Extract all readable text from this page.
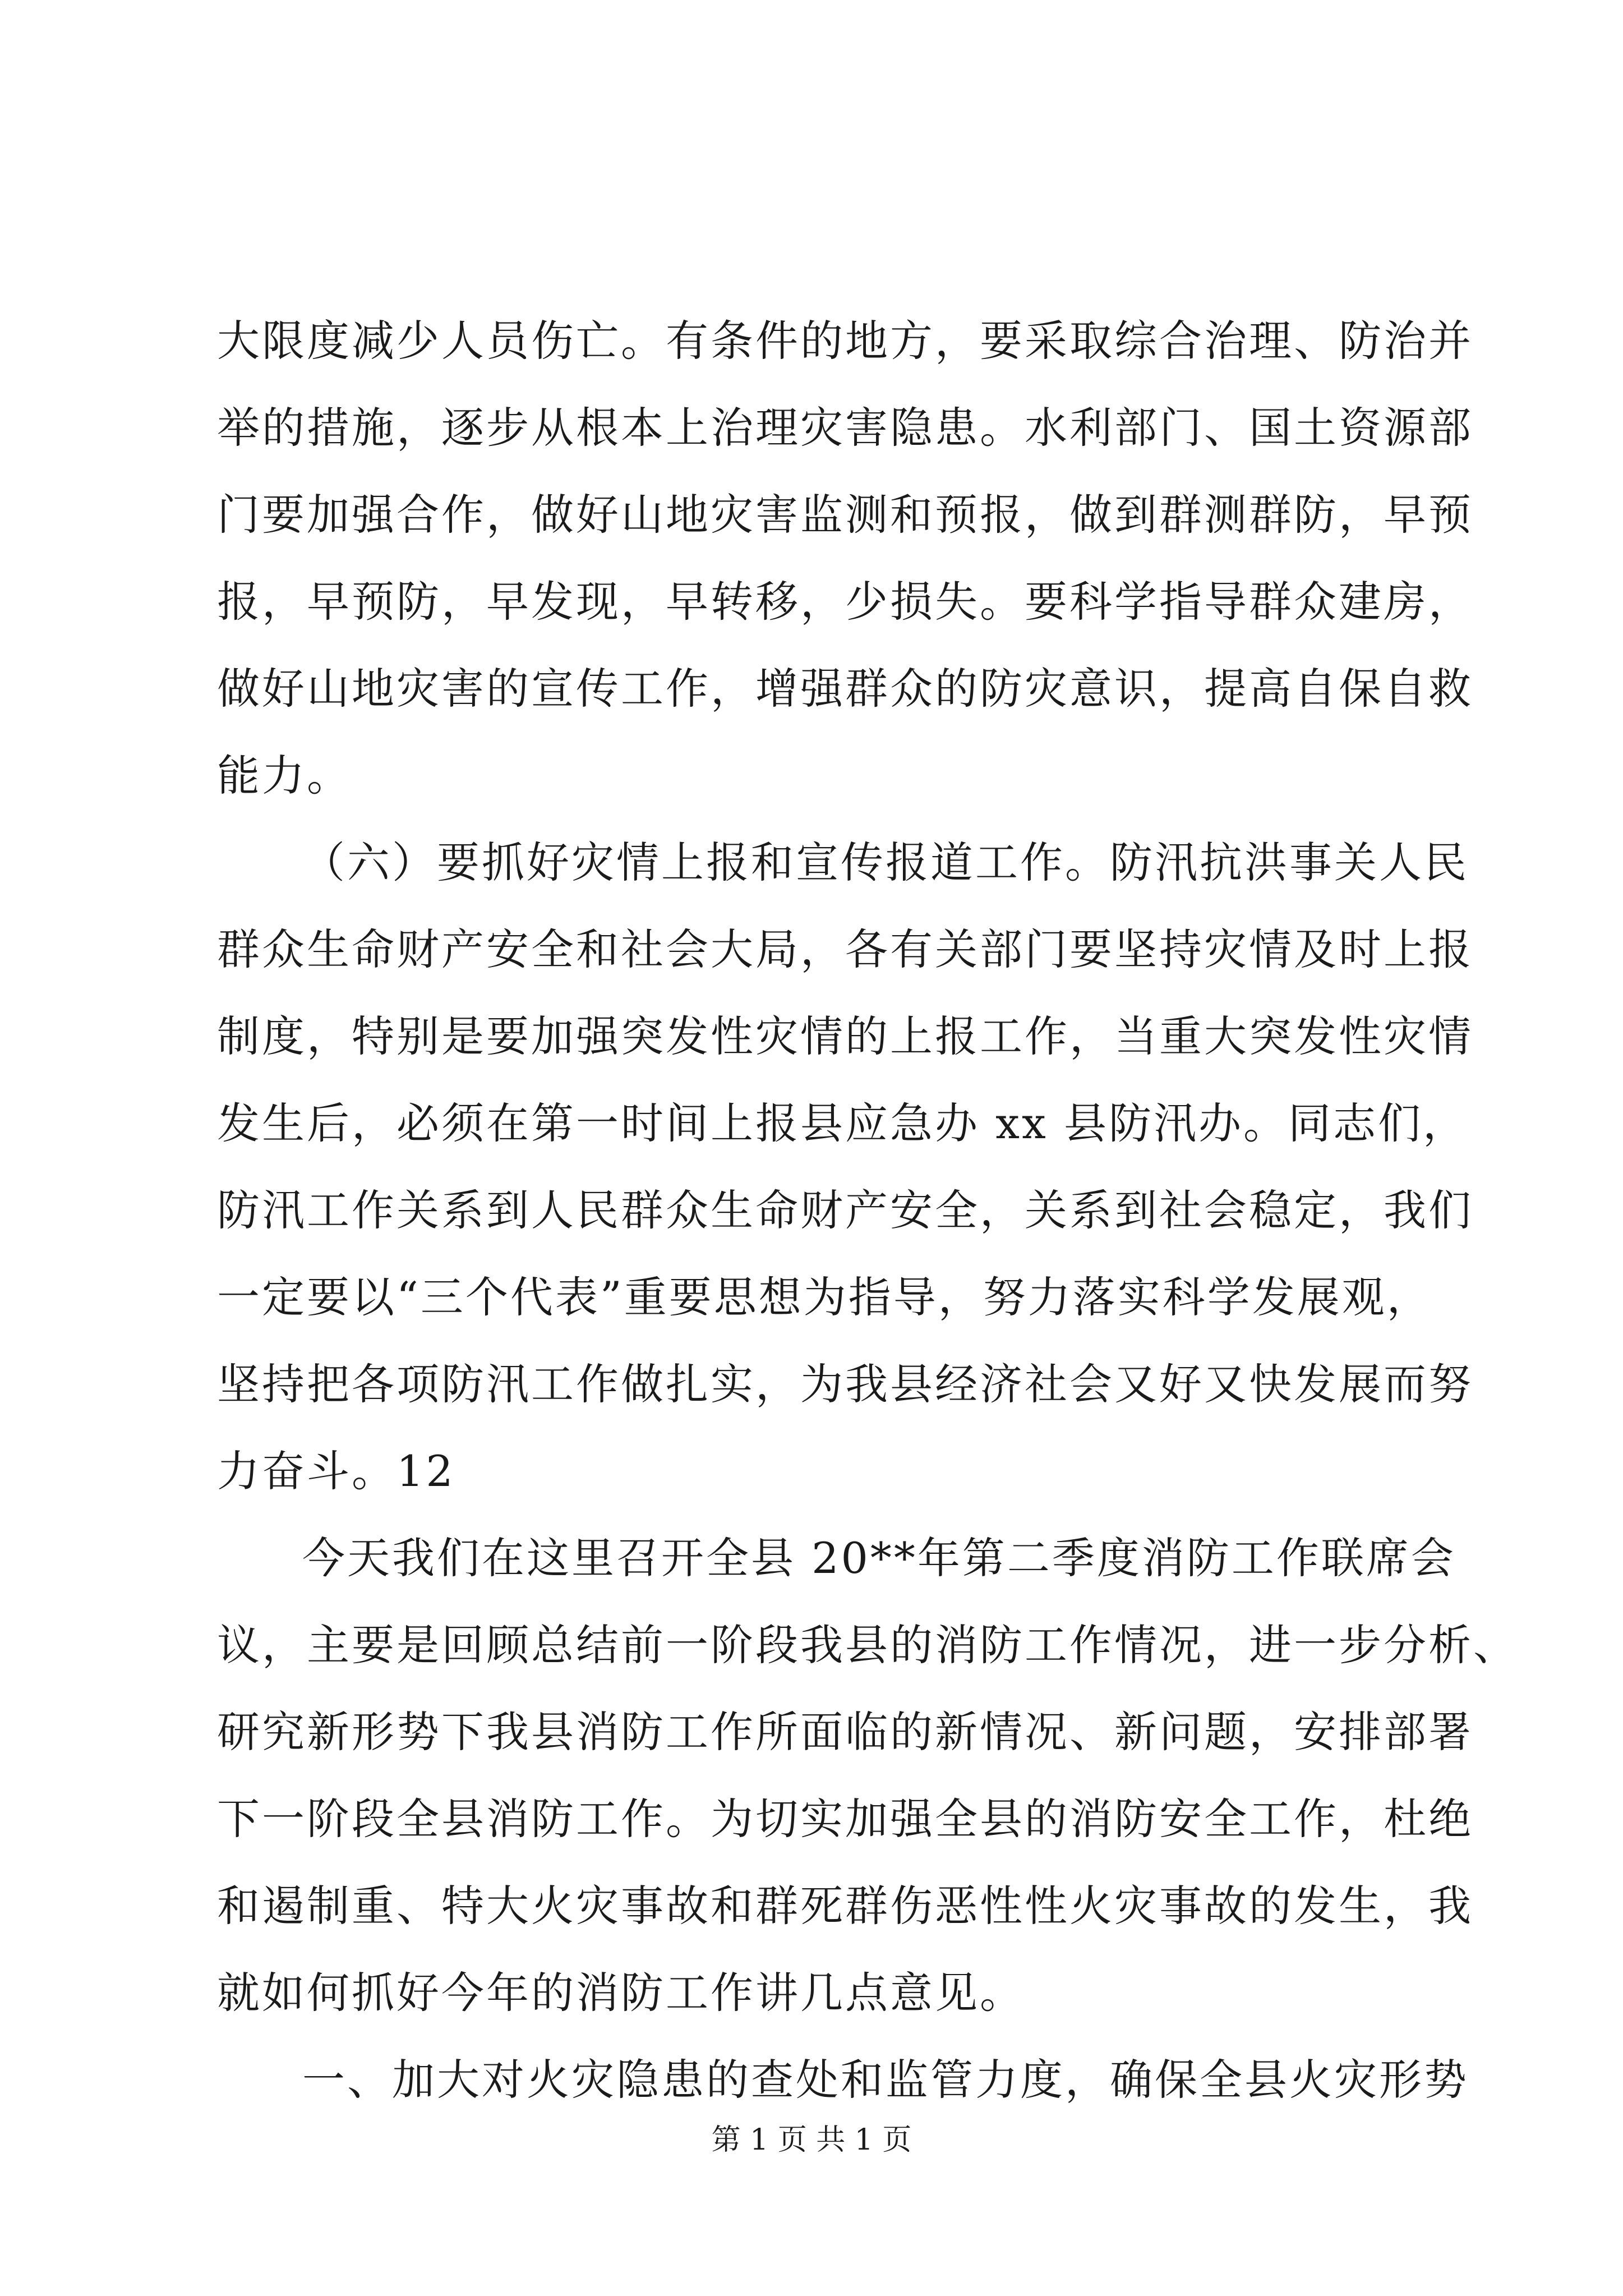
大限度减少人员伤亡。有条件的地方，要采取综合治理、防治并
举的措施，逐步从根本上治理灾害隐患。水利部门、国土资源部
门要加强合作，做好山地灾害监测和预报，做到群测群防，早预
报，早预防，早发现，早转移，少损失。要科学指导群众建房，
做好山地灾害的宣传工作，增强群众的防灾意识，提高自保自救
能力。
（六）要抓好灾情上报和宣传报道工作。防汛抗洪事关人民
群众生命财产安全和社会大局，各有关部门要坚持灾情及时上报
制度，特别是要加强突发性灾情的上报工作，当重大突发性灾情
发生后，必须在第一时间上报县应急办 xx 县防汛办。同志们，
防汛工作关系到人民群众生命财产安全，关系到社会稳定，我们
一定要以“三个代表”重要思想为指导，努力落实科学发展观，
坚持把各项防汛工作做扎实，为我县经济社会又好又快发展而努
力奋斗。12
今天我们在这里召开全县 20**年第二季度消防工作联席会
议，主要是回顾总结前一阶段我县的消防工作情况，进一步分析、
研究新形势下我县消防工作所面临的新情况、新问题，安排部署
下一阶段全县消防工作。为切实加强全县的消防安全工作，杜绝
和遏制重、特大火灾事故和群死群伤恶性性火灾事故的发生，我
就如何抓好今年的消防工作讲几点意见。
一、加大对火灾隐患的查处和监管力度，确保全县火灾形势
第 1 页 共 1 页
